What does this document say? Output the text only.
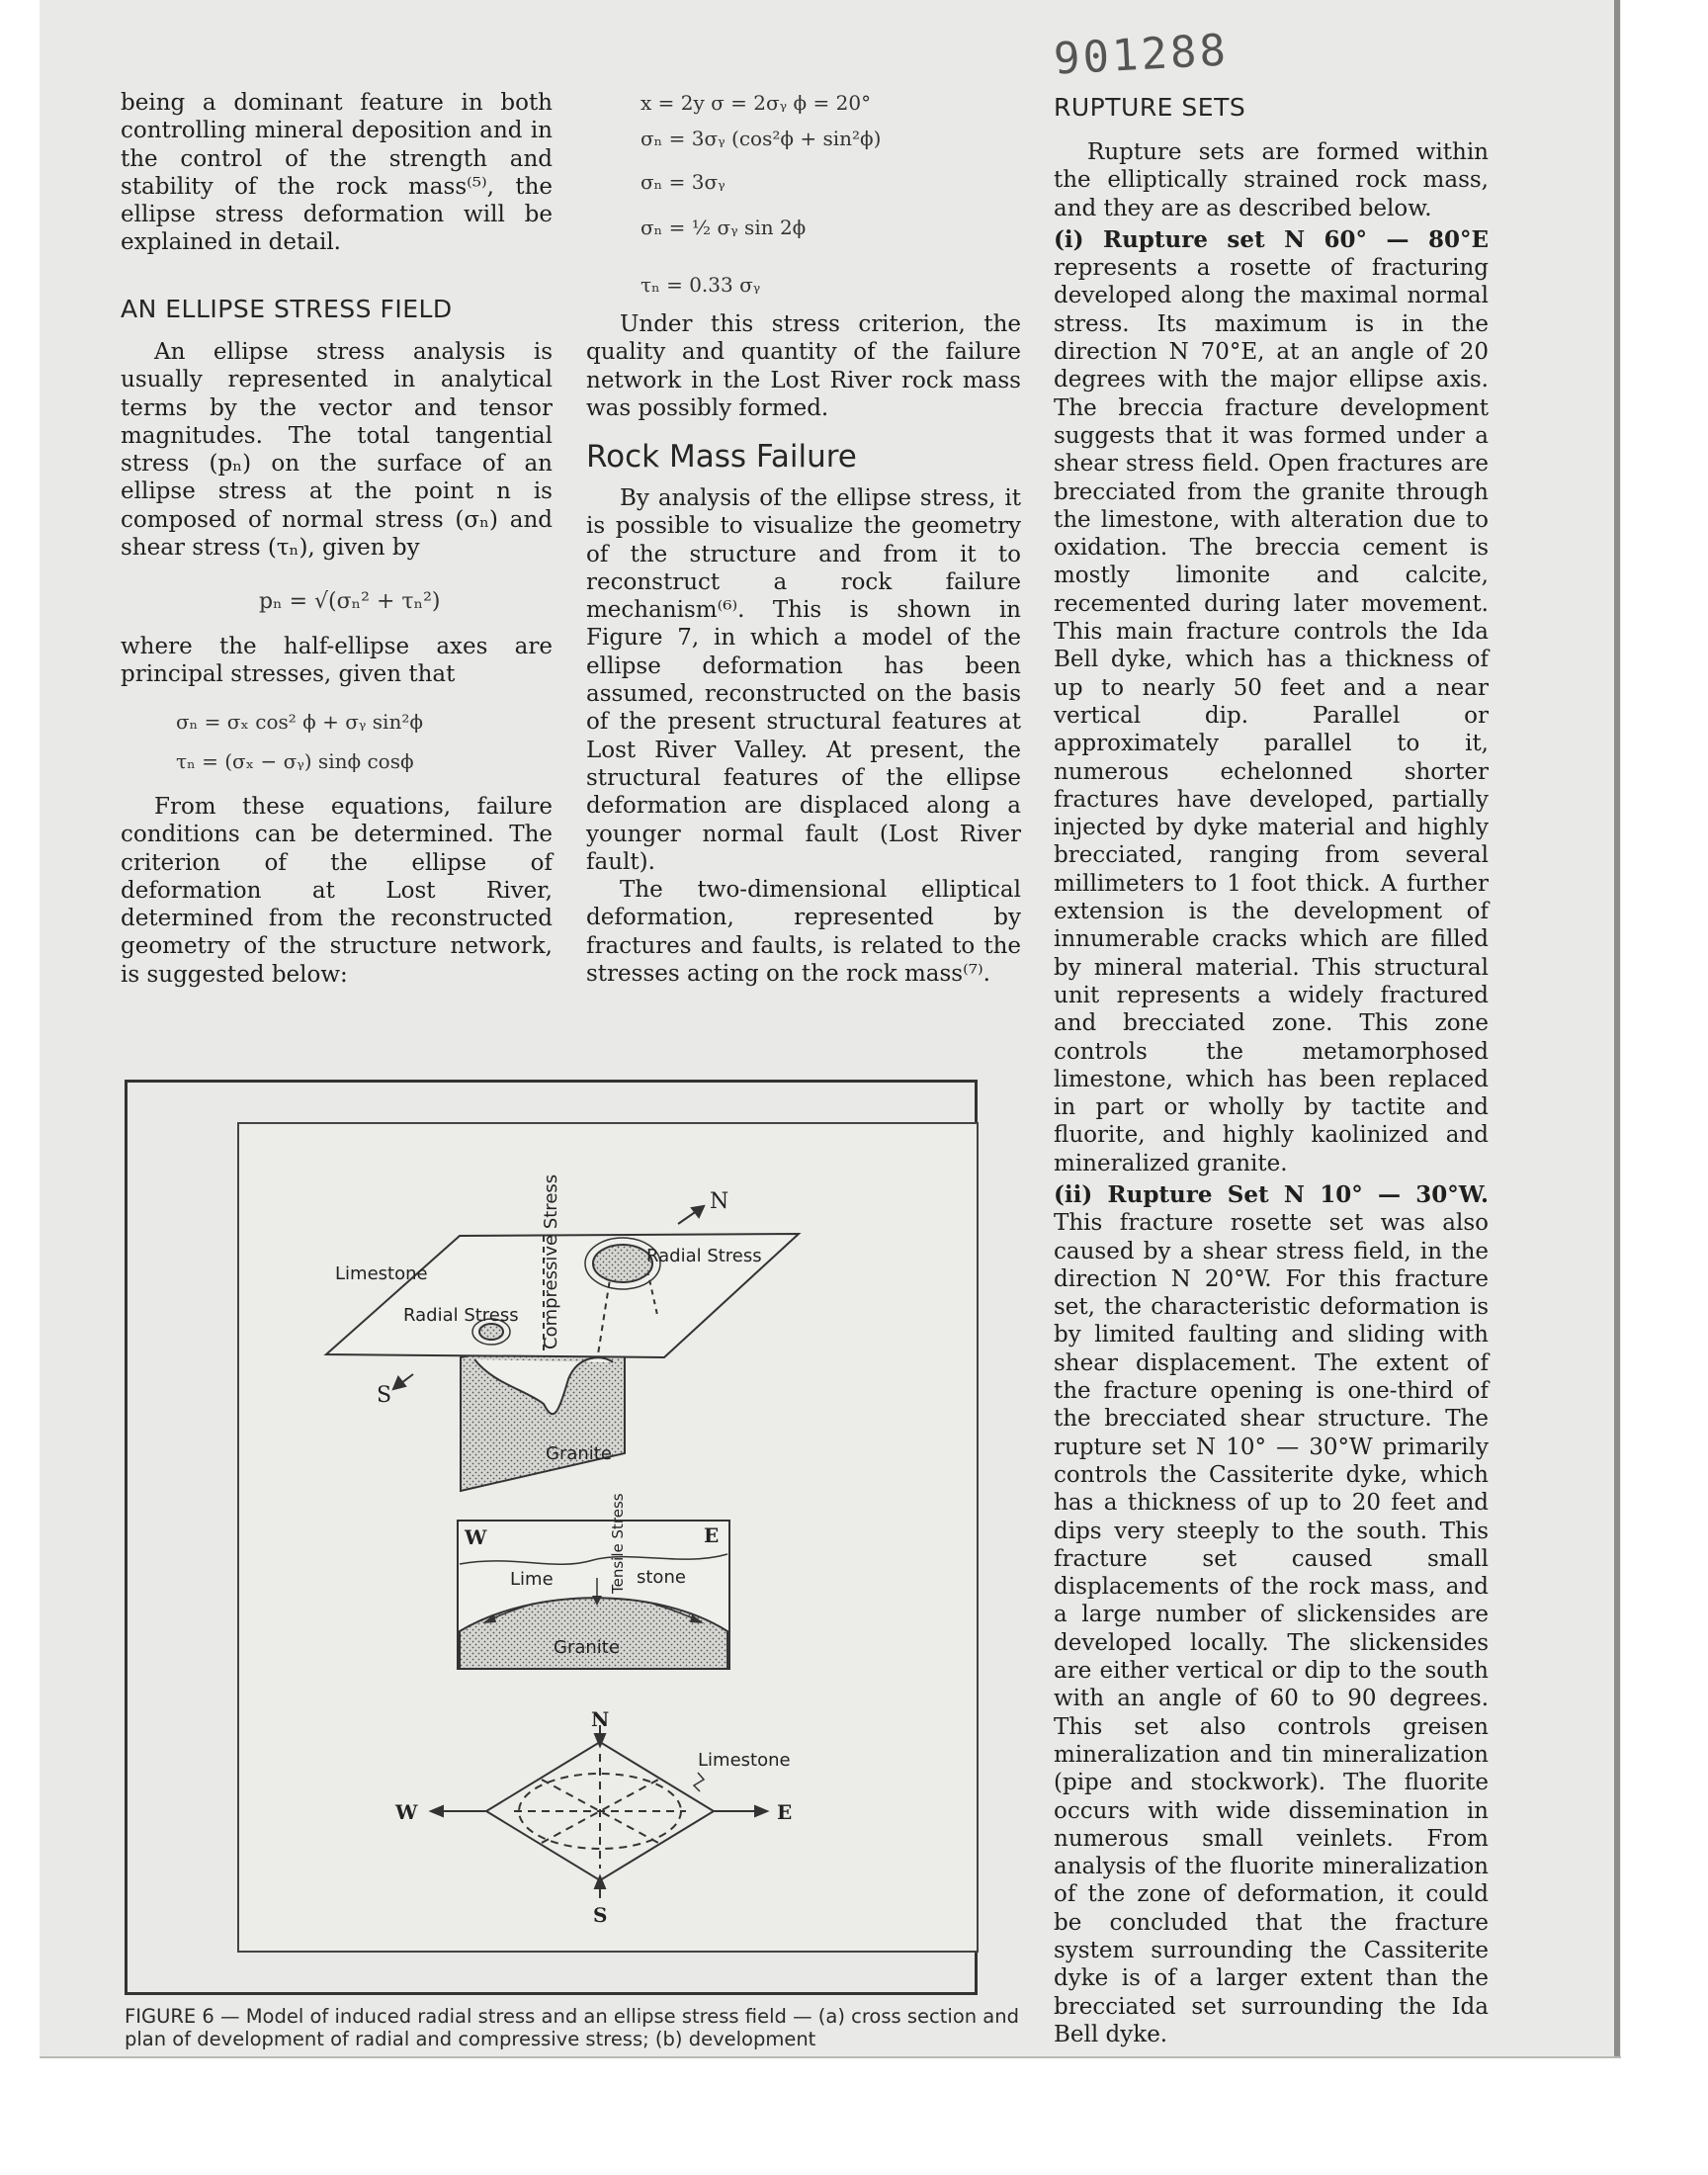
901288

being a dominant feature in both controlling mineral deposition and in the control of the strength and stability of the rock mass⁽⁵⁾, the ellipse stress deformation will be explained in detail.

AN ELLIPSE STRESS FIELD

An ellipse stress analysis is usually represented in analytical terms by the vector and tensor magnitudes. The total tangential stress (pₙ) on the surface of an ellipse stress at the point n is composed of normal stress (σₙ) and shear stress (τₙ), given by

pₙ = √(σₙ² + τₙ²)

where the half-ellipse axes are principal stresses, given that

σₙ = σₓ cos² ϕ + σᵧ sin²ϕ
τₙ = (σₓ − σᵧ) sinϕ cosϕ

From these equations, failure conditions can be determined. The criterion of the ellipse of deformation at Lost River, determined from the reconstructed geometry of the structure network, is suggested below:

x = 2y σ = 2σᵧ ϕ = 20°
σₙ = 3σᵧ (cos²ϕ + sin²ϕ)
σₙ = 3σᵧ
σₙ = ½ σᵧ sin 2ϕ
τₙ = 0.33 σᵧ

Under this stress criterion, the quality and quantity of the failure network in the Lost River rock mass was possibly formed.

Rock Mass Failure

By analysis of the ellipse stress, it is possible to visualize the geometry of the structure and from it to reconstruct a rock failure mechanism⁽⁶⁾. This is shown in Figure 7, in which a model of the ellipse deformation has been assumed, reconstructed on the basis of the present structural features at Lost River Valley. At present, the structural features of the ellipse deformation are displaced along a younger normal fault (Lost River fault).

The two-dimensional elliptical deformation, represented by fractures and faults, is related to the stresses acting on the rock mass⁽⁷⁾.

RUPTURE SETS

Rupture sets are formed within the elliptically strained rock mass, and they are as described below.

(i) Rupture set N 60° — 80°E represents a rosette of fracturing developed along the maximal normal stress. Its maximum is in the direction N 70°E, at an angle of 20 degrees with the major ellipse axis. The breccia fracture development suggests that it was formed under a shear stress field. Open fractures are brecciated from the granite through the limestone, with alteration due to oxidation. The breccia cement is mostly limonite and calcite, recemented during later movement. This main fracture controls the Ida Bell dyke, which has a thickness of up to nearly 50 feet and a near vertical dip. Parallel or approximately parallel to it, numerous echelonned shorter fractures have developed, partially injected by dyke material and highly brecciated, ranging from several millimeters to 1 foot thick. A further extension is the development of innumerable cracks which are filled by mineral material. This structural unit represents a widely fractured and brecciated zone. This zone controls the metamorphosed limestone, which has been replaced in part or wholly by tactite and fluorite, and highly kaolinized and mineralized granite.

(ii) Rupture Set N 10° — 30°W. This fracture rosette set was also caused by a shear stress field, in the direction N 20°W. For this fracture set, the characteristic deformation is by limited faulting and sliding with shear displacement. The extent of the fracture opening is one-third of the brecciated shear structure. The rupture set N 10° — 30°W primarily controls the Cassiterite dyke, which has a thickness of up to 20 feet and dips very steeply to the south. This fracture set caused small displacements of the rock mass, and a large number of slickensides are developed locally. The slickensides are either vertical or dip to the south with an angle of 60 to 90 degrees. This set also controls greisen mineralization and tin mineralization (pipe and stockwork). The fluorite occurs with wide dissemination in numerous small veinlets. From analysis of the fluorite mineralization of the zone of deformation, it could be concluded that the fracture system surrounding the Cassiterite dyke is of a larger extent than the brecciated set surrounding the Ida Bell dyke.

Compressive Stress	N
S
Limestone
Radial Stress
Radial Stress
Granite
W	E
Lime	stone
Tensile Stress
Granite
N
S
W	E
Limestone
FIGURE 6 — Model of induced radial stress and an ellipse stress field — (a) cross section and plan of development of radial and compressive stress; (b) development
